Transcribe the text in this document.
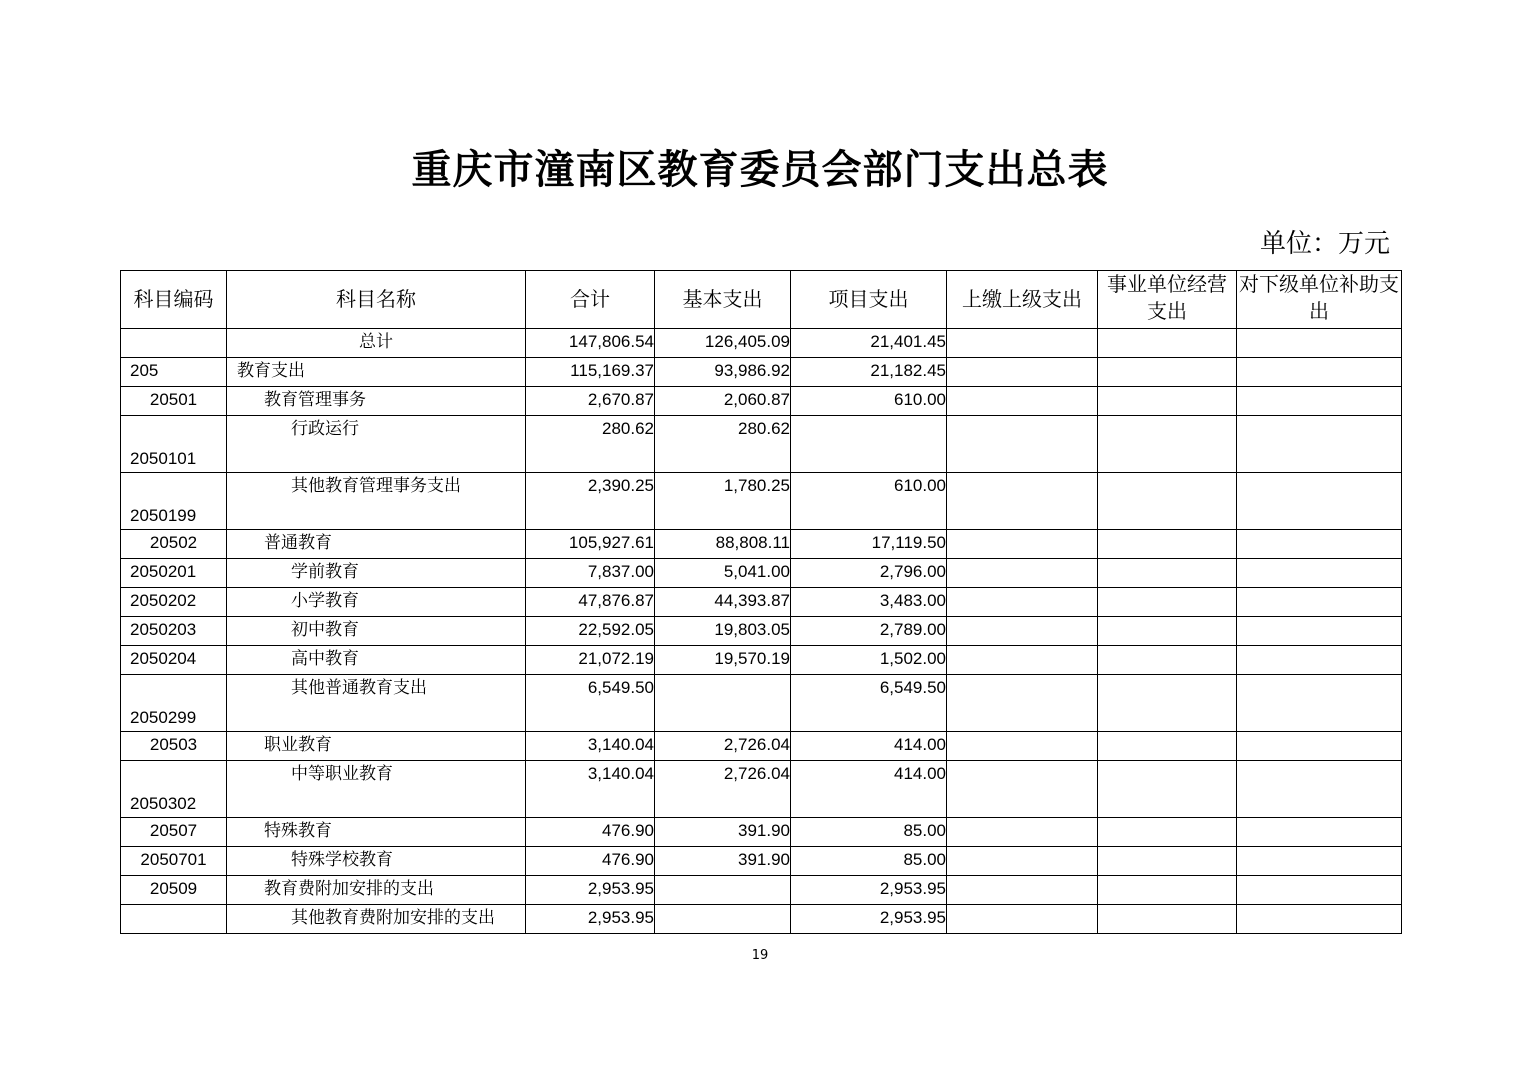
重庆市潼南区教育委员会部门支出总表
单位：万元
科目编码	科目名称	合计	基本支出	项目支出	上缴上级支出	事业单位经营支出	对下级单位补助支出
	总计	147,806.54	126,405.09	21,401.45			
205	教育支出	115,169.37	93,986.92	21,182.45			
20501	教育管理事务	2,670.87	2,060.87	610.00			
2050101	行政运行	280.62	280.62				
2050199	其他教育管理事务支出	2,390.25	1,780.25	610.00			
20502	普通教育	105,927.61	88,808.11	17,119.50			
2050201	学前教育	7,837.00	5,041.00	2,796.00			
2050202	小学教育	47,876.87	44,393.87	3,483.00			
2050203	初中教育	22,592.05	19,803.05	2,789.00			
2050204	高中教育	21,072.19	19,570.19	1,502.00			
2050299	其他普通教育支出	6,549.50		6,549.50			
20503	职业教育	3,140.04	2,726.04	414.00			
2050302	中等职业教育	3,140.04	2,726.04	414.00			
20507	特殊教育	476.90	391.90	85.00			
2050701	特殊学校教育	476.90	391.90	85.00			
20509	教育费附加安排的支出	2,953.95		2,953.95			
	其他教育费附加安排的支出	2,953.95		2,953.95			
19
